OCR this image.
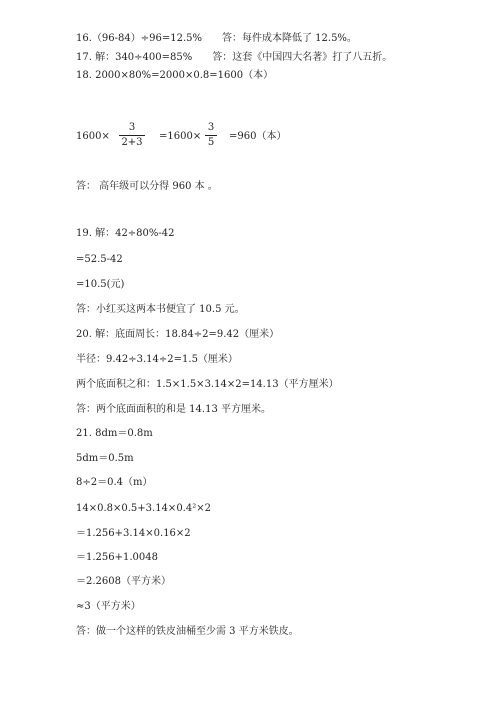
16.（96-84）÷96=12.5% 答：每件成本降低了 12.5%。
17. 解：340÷400=85% 答：这套《中国四大名著》打了八五折。
18. 2000×80%=2000×0.8=1600（本）
1600×
3
2+3
=1600×
3
5
=960（本）
答： 高年级可以分得 960 本 。
19. 解：42÷80%-42
=52.5-42
=10.5(元)
答：小红买这两本书便宜了 10.5 元。
20. 解：底面周长：18.84÷2=9.42（厘米）
半径：9.42÷3.14÷2=1.5（厘米）
两个底面积之和：1.5×1.5×3.14×2=14.13（平方厘米）
答：两个底面面积的和是 14.13 平方厘米。
21. 8dm＝0.8m
5dm＝0.5m
8÷2＝0.4（m）
14×0.8×0.5+3.14×0.4²×2
＝1.256+3.14×0.16×2
＝1.256+1.0048
＝2.2608（平方米）
≈3（平方米）
答：做一个这样的铁皮油桶至少需 3 平方米铁皮。
